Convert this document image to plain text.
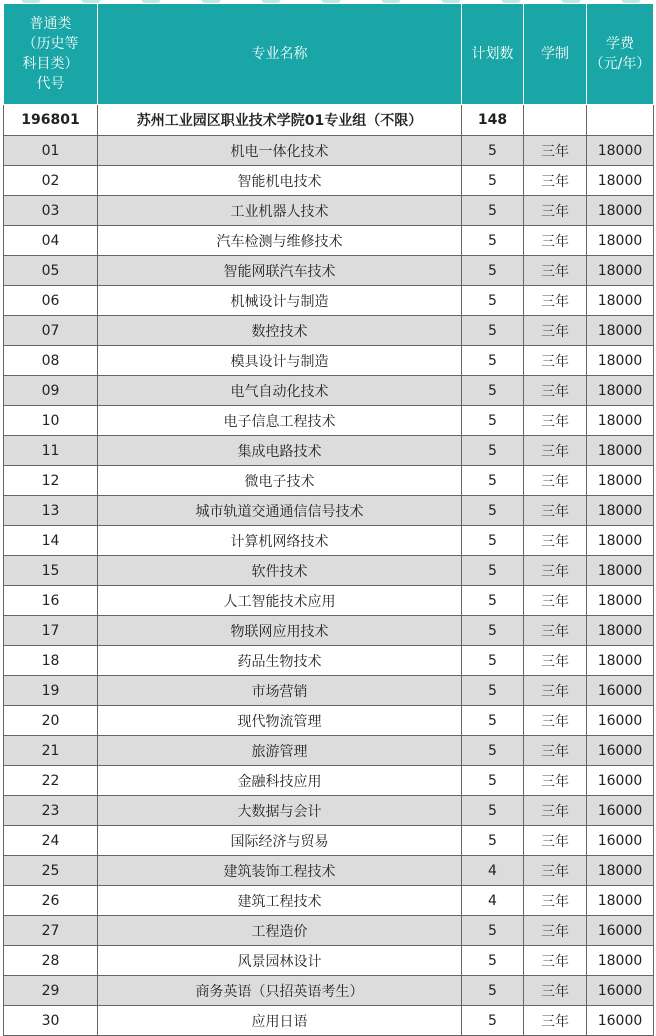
普通类
（历史等
科目类）
代号	专业名称	计划数	学制	学费
（元/年）
196801	苏州工业园区职业技术学院01专业组（不限）	148		
01	机电一体化技术	5	三年	18000
02	智能机电技术	5	三年	18000
03	工业机器人技术	5	三年	18000
04	汽车检测与维修技术	5	三年	18000
05	智能网联汽车技术	5	三年	18000
06	机械设计与制造	5	三年	18000
07	数控技术	5	三年	18000
08	模具设计与制造	5	三年	18000
09	电气自动化技术	5	三年	18000
10	电子信息工程技术	5	三年	18000
11	集成电路技术	5	三年	18000
12	微电子技术	5	三年	18000
13	城市轨道交通通信信号技术	5	三年	18000
14	计算机网络技术	5	三年	18000
15	软件技术	5	三年	18000
16	人工智能技术应用	5	三年	18000
17	物联网应用技术	5	三年	18000
18	药品生物技术	5	三年	18000
19	市场营销	5	三年	16000
20	现代物流管理	5	三年	16000
21	旅游管理	5	三年	16000
22	金融科技应用	5	三年	16000
23	大数据与会计	5	三年	16000
24	国际经济与贸易	5	三年	16000
25	建筑装饰工程技术	4	三年	18000
26	建筑工程技术	4	三年	18000
27	工程造价	5	三年	16000
28	风景园林设计	5	三年	18000
29	商务英语（只招英语考生）	5	三年	16000
30	应用日语	5	三年	16000
